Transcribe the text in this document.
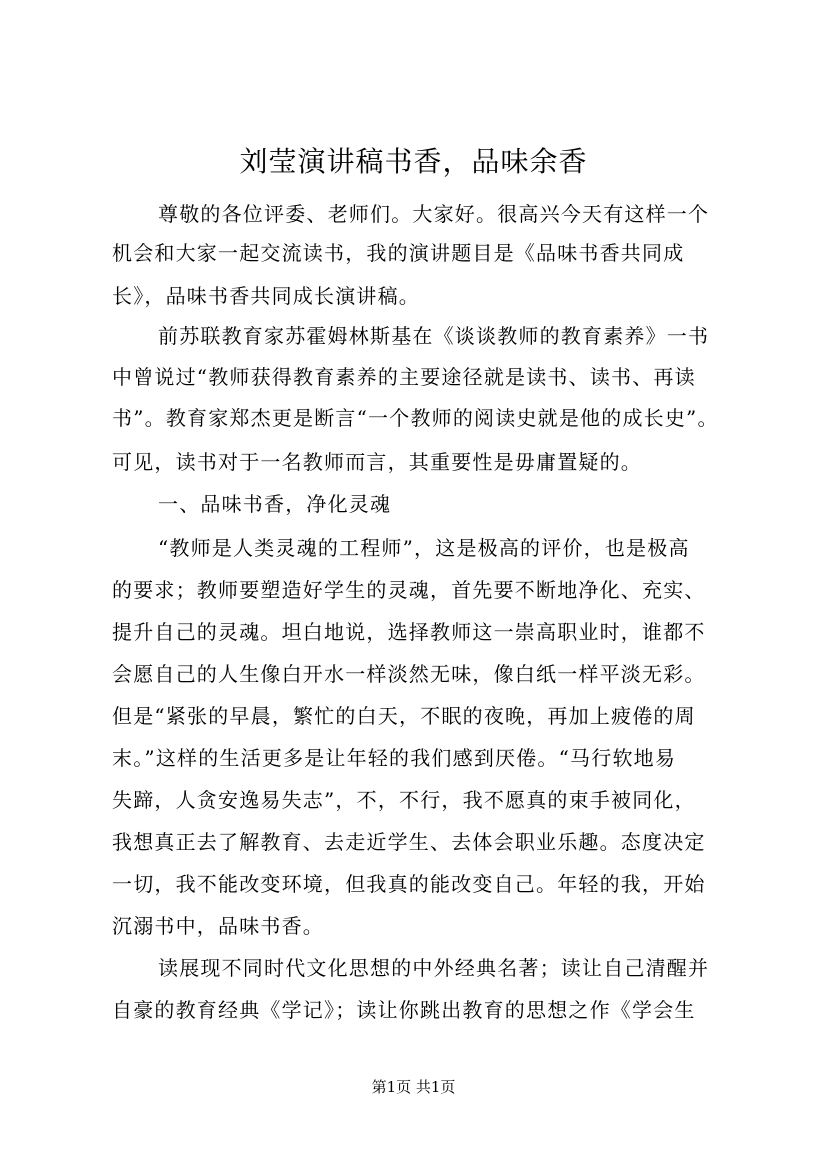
刘莹演讲稿书香，品味余香

尊敬的各位评委、老师们。大家好。很高兴今天有这样一个

机会和大家一起交流读书，我的演讲题目是《品味书香共同成

长》，品味书香共同成长演讲稿。

前苏联教育家苏霍姆林斯基在《谈谈教师的教育素养》一书

中曾说过“教师获得教育素养的主要途径就是读书、读书、再读

书”。教育家郑杰更是断言“一个教师的阅读史就是他的成长史”。

可见，读书对于一名教师而言，其重要性是毋庸置疑的。

一、品味书香，净化灵魂

“教师是人类灵魂的工程师”，这是极高的评价，也是极高

的要求；教师要塑造好学生的灵魂，首先要不断地净化、充实、

提升自己的灵魂。坦白地说，选择教师这一崇高职业时，谁都不

会愿自己的人生像白开水一样淡然无味，像白纸一样平淡无彩。

但是“紧张的早晨，繁忙的白天，不眠的夜晚，再加上疲倦的周

末。”这样的生活更多是让年轻的我们感到厌倦。“马行软地易

失蹄，人贪安逸易失志”，不，不行，我不愿真的束手被同化，

我想真正去了解教育、去走近学生、去体会职业乐趣。态度决定

一切，我不能改变环境，但我真的能改变自己。年轻的我，开始

沉溺书中，品味书香。

读展现不同时代文化思想的中外经典名著；读让自己清醒并

自豪的教育经典《学记》；读让你跳出教育的思想之作《学会生

第1页 共1页
